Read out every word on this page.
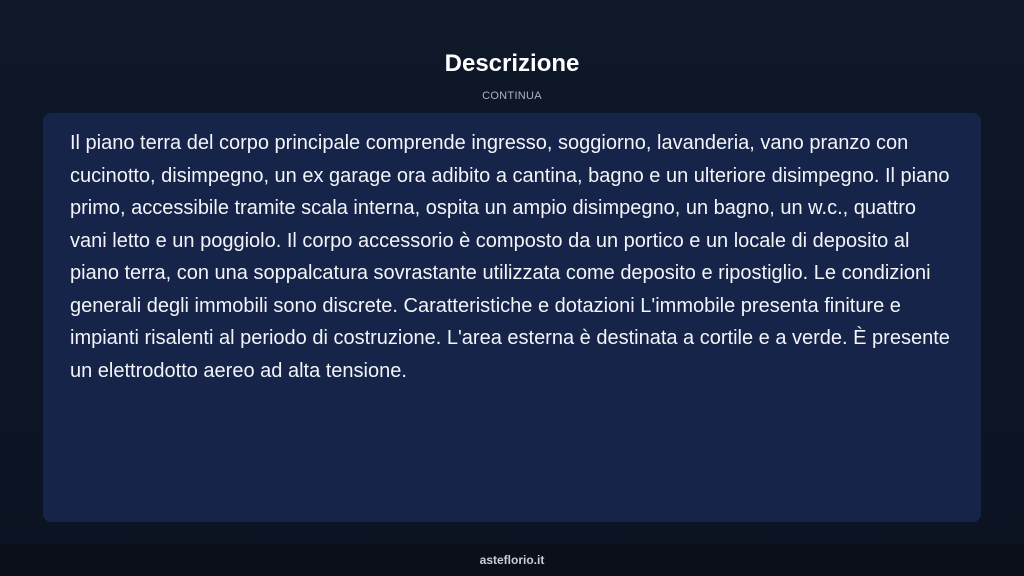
Descrizione
CONTINUA

Il piano terra del corpo principale comprende ingresso, soggiorno, lavanderia, vano pranzo con cucinotto, disimpegno, un ex garage ora adibito a cantina, bagno e un ulteriore disimpegno. Il piano primo, accessibile tramite scala interna, ospita un ampio disimpegno, un bagno, un w.c., quattro vani letto e un poggiolo. Il corpo accessorio è composto da un portico e un locale di deposito al piano terra, con una soppalcatura sovrastante utilizzata come deposito e ripostiglio. Le condizioni generali degli immobili sono discrete. Caratteristiche e dotazioni L'immobile presenta finiture e impianti risalenti al periodo di costruzione. L'area esterna è destinata a cortile e a verde. È presente un elettrodotto aereo ad alta tensione.

asteflorio.it
